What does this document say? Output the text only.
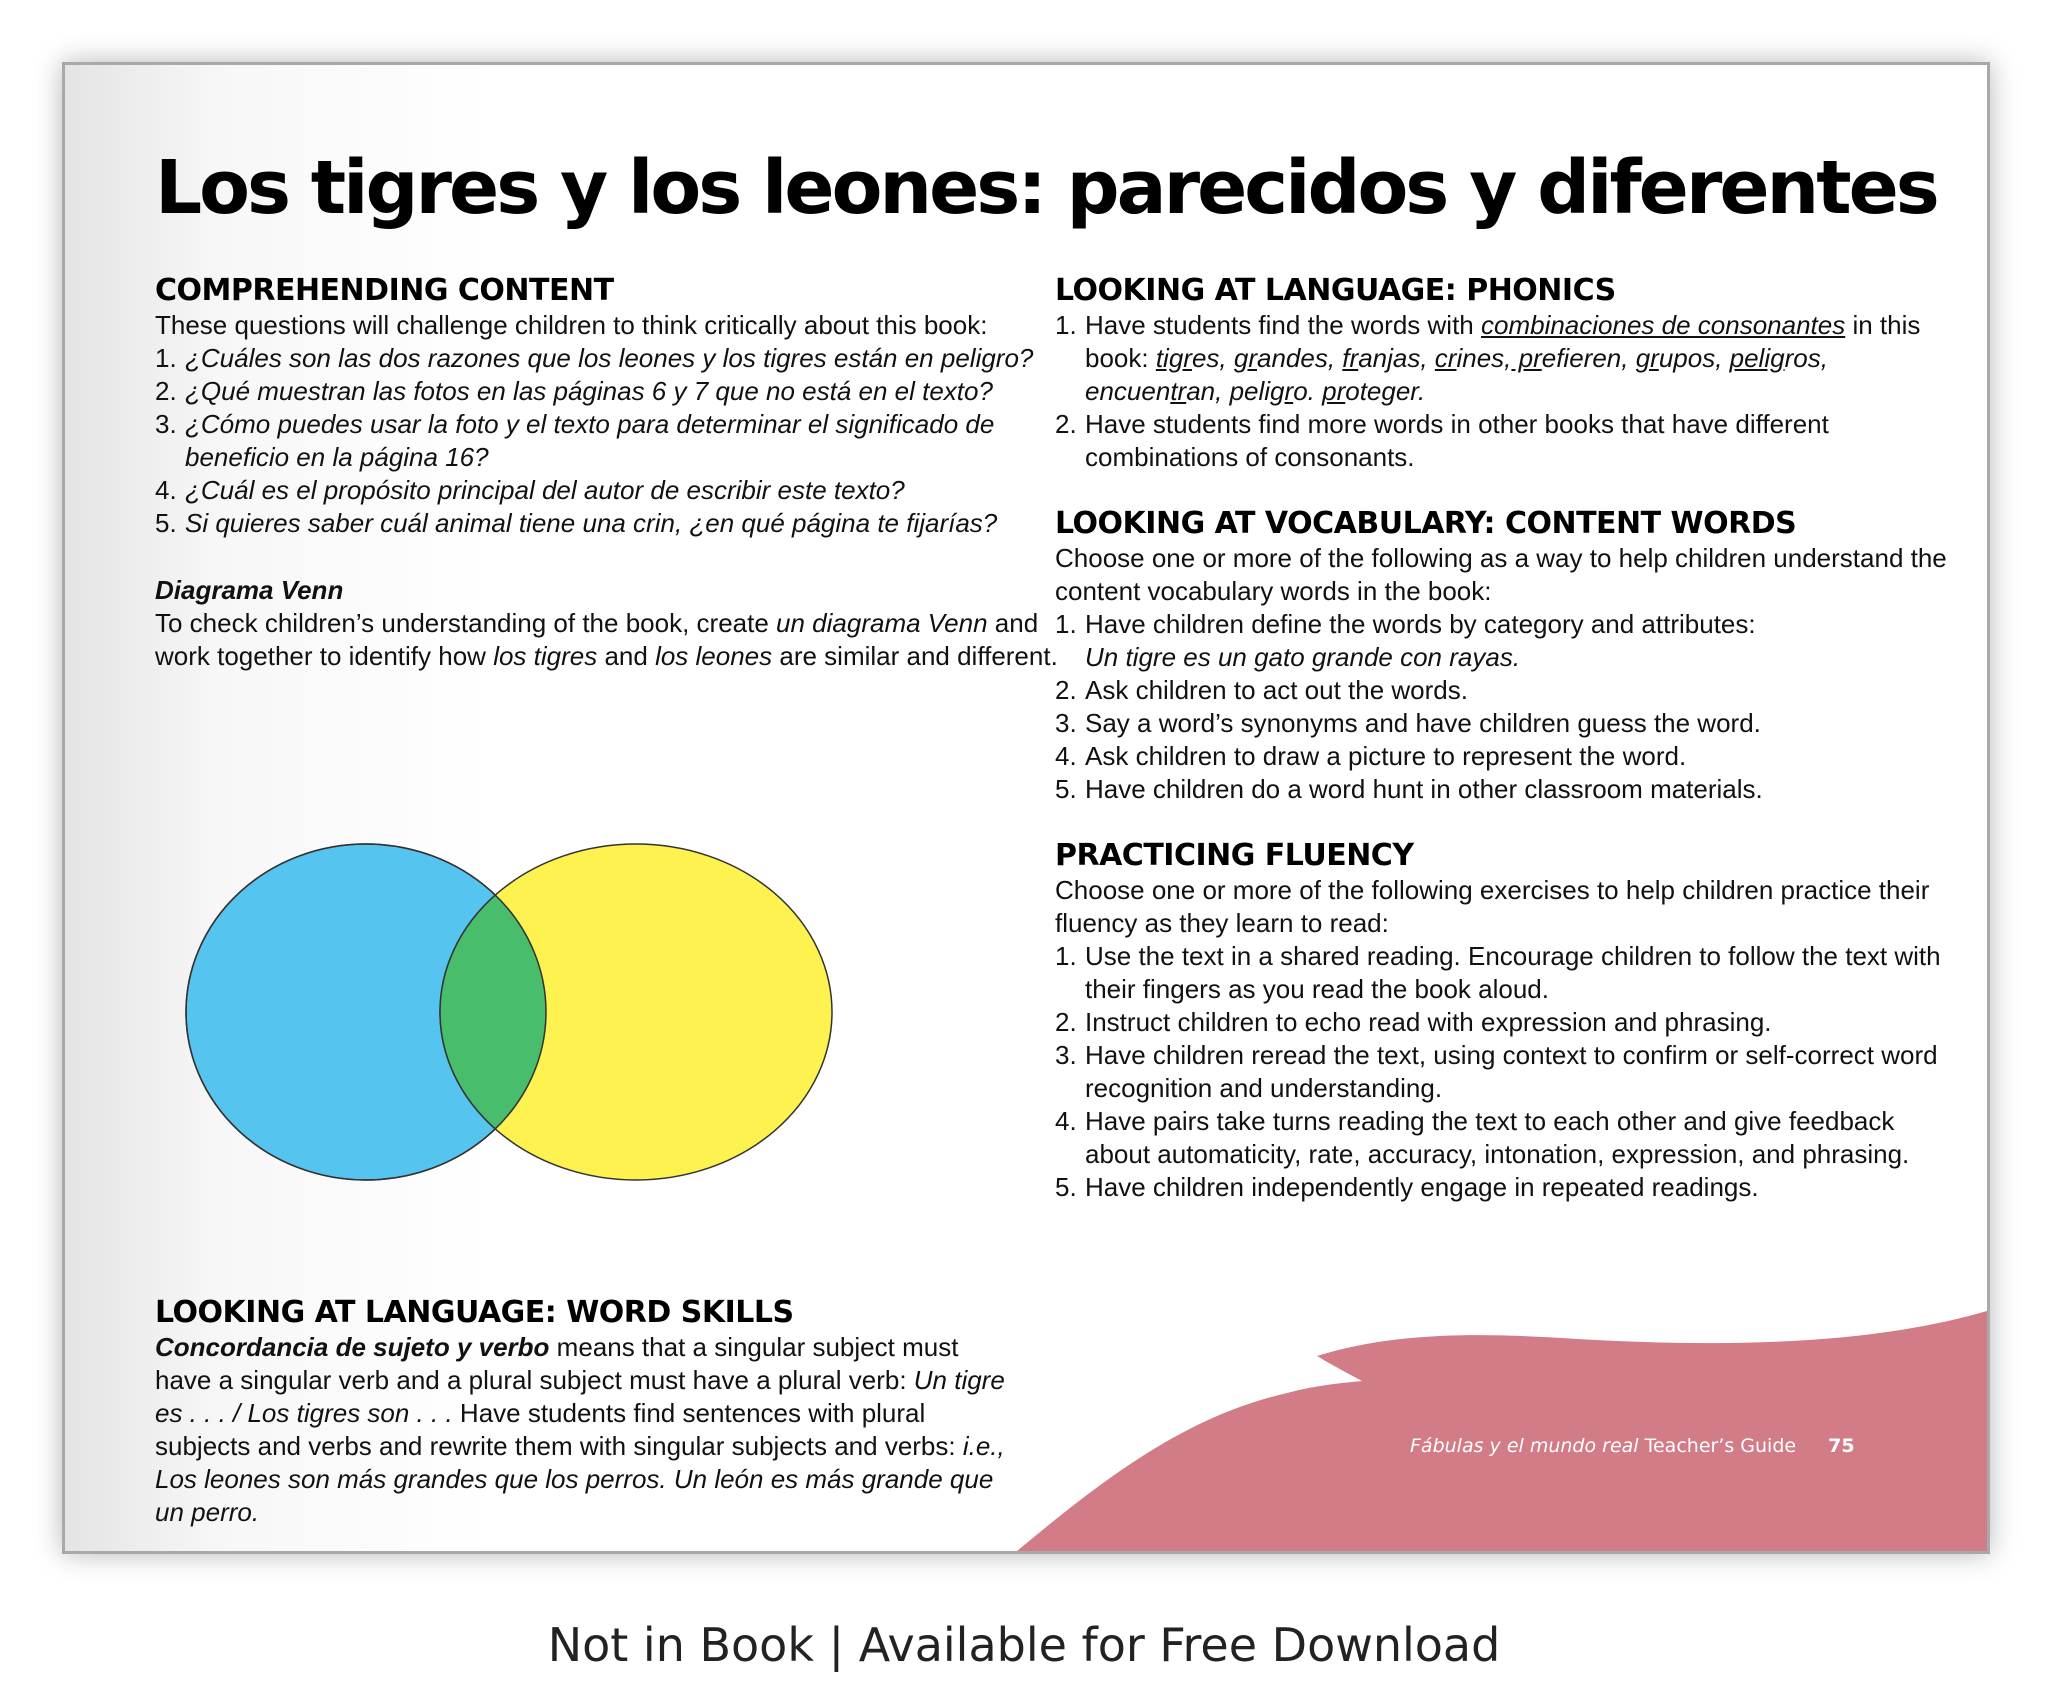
Los tigres y los leones: parecidos y diferentes
COMPREHENDING CONTENT

These questions will challenge children to think critically about this book:

1. ¿Cuáles son las dos razones que los leones y los tigres están en peligro?
2. ¿Qué muestran las fotos en las páginas 6 y 7 que no está en el texto?
3. ¿Cómo puedes usar la foto y el texto para determinar el significado de beneficio en la página 16?
4. ¿Cuál es el propósito principal del autor de escribir este texto?
5. Si quieres saber cuál animal tiene una crin, ¿en qué página te fijarías?

Diagrama Venn

To check children’s understanding of the book, create un diagrama Venn and work together to identify how los tigres and los leones are similar and different.

LOOKING AT LANGUAGE: WORD SKILLS

Concordancia de sujeto y verbo means that a singular subject must have a singular verb and a plural subject must have a plural verb: Un tigre es . . . / Los tigres son . . . Have students find sentences with plural subjects and verbs and rewrite them with singular subjects and verbs: i.e., Los leones son más grandes que los perros. Un león es más grande que un perro.

LOOKING AT LANGUAGE: PHONICS
1. Have students find the words with combinaciones de consonantes in this book: tigres, grandes, franjas, crines, prefieren, grupos, peligros, encuentran, peligro. proteger.
2. Have students find more words in other books that have different combinations of consonants.
LOOKING AT VOCABULARY: CONTENT WORDS

Choose one or more of the following as a way to help children understand the content vocabulary words in the book:

1. Have children define the words by category and attributes:
Un tigre es un gato grande con rayas.
2. Ask children to act out the words.
3. Say a word’s synonyms and have children guess the word.
4. Ask children to draw a picture to represent the word.
5. Have children do a word hunt in other classroom materials.
PRACTICING FLUENCY

Choose one or more of the following exercises to help children practice their fluency as they learn to read:

1. Use the text in a shared reading. Encourage children to follow the text with their fingers as you read the book aloud.
2. Instruct children to echo read with expression and phrasing.
3. Have children reread the text, using context to confirm or self-correct word recognition and understanding.
4. Have pairs take turns reading the text to each other and give feedback about automaticity, rate, accuracy, intonation, expression, and phrasing.
5. Have children independently engage in repeated readings.
Fábulas y el mundo real Teacher’s Guide 75
Not in Book | Available for Free Download
